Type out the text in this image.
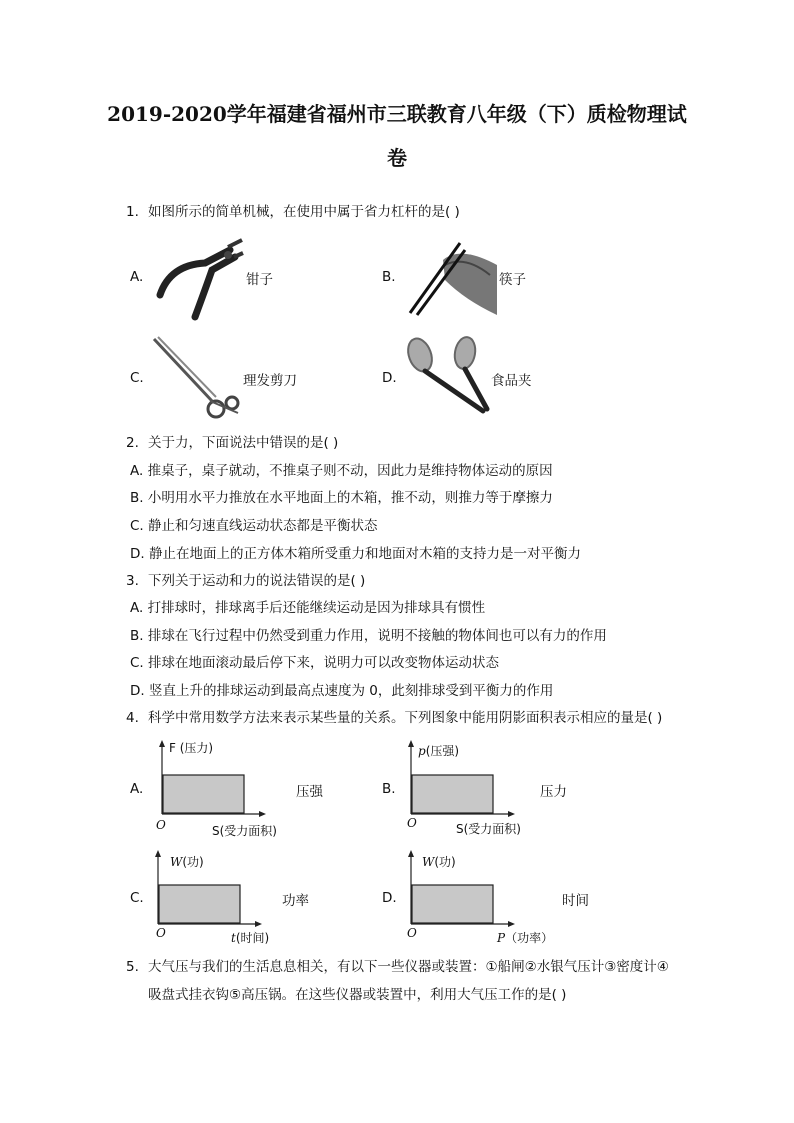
2019-2020学年福建省福州市三联教育八年级（下）质检物理试
卷
1. 如图所示的简单机械，在使用中属于省力杠杆的是( )
A.	钳子	B.	筷子
C.	理发剪刀	D.	食品夹
2. 关于力，下面说法中错误的是( )
A. 推桌子，桌子就动，不推桌子则不动，因此力是维持物体运动的原因
B. 小明用水平力推放在水平地面上的木箱，推不动，则推力等于摩擦力
C. 静止和匀速直线运动状态都是平衡状态
D. 静止在地面上的正方体木箱所受重力和地面对木箱的支持力是一对平衡力
3. 下列关于运动和力的说法错误的是( )
A. 打排球时，排球离手后还能继续运动是因为排球具有惯性
B. 排球在飞行过程中仍然受到重力作用，说明不接触的物体间也可以有力的作用
C. 排球在地面滚动最后停下来，说明力可以改变物体运动状态
D. 竖直上升的排球运动到最高点速度为 0，此刻排球受到平衡力的作用
4. 科学中常用数学方法来表示某些量的关系。下列图象中能用阴影面积表示相应的量是( )
A.
F (压力)
O	S(受力面积)
压强	B.
p(压强)
O	S(受力面积)
压力
C.
W(功)
O	t(时间)
功率	D.
W(功)
O	P（功率）
时间
5. 大气压与我们的生活息息相关，有以下一些仪器或装置：①船闸②水银气压计③密度计④
吸盘式挂衣钩⑤高压锅。在这些仪器或装置中，利用大气压工作的是( )
